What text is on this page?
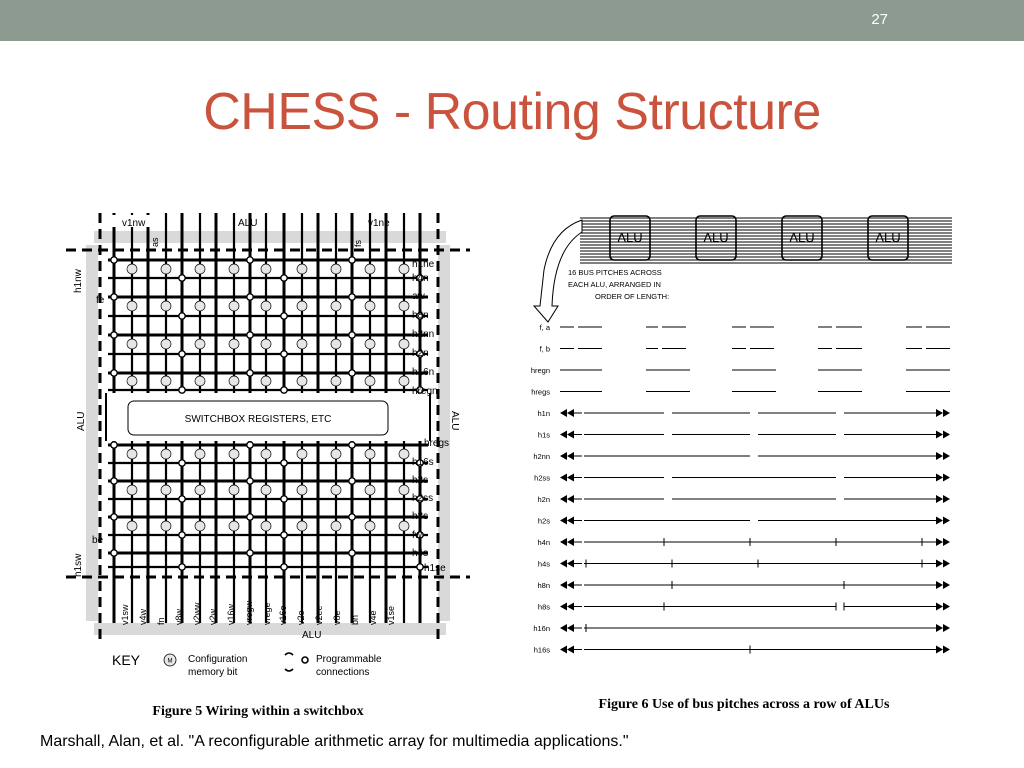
27
CHESS - Routing Structure
SWITCHBOX REGISTERS, ETC
v1nw	ALU	v1ne
as	fs
h1nw
fe
ALU
be
h1sw
h1ne
h4n
aw
h8n
h2nn
h2n
h16n
hregn
hregs
h16s
h2s
h2ss
h8s
fw
h4s
h1se
ALU
v1sw v4w fn v8w v2ww v2w v16w vregw vrege v16e v2e v2ee v8e bn v4e v1se
ALU
KEY	M Configuration
memory bit
Programmable
connections
Figure 5 Wiring within a switchbox
ALU	ALU	ALU	ALU
16 BUS PITCHES ACROSS
EACH ALU, ARRANGED IN
ORDER OF LENGTH:
f, a
f, b
hregn
hregs
h1n
h1s
h2nn
h2ss
h2n
h2s
h4n
h4s
h8n
h8s
h16n
h16s
Figure 6 Use of bus pitches across a row of ALUs
Marshall, Alan, et al. "A reconfigurable arithmetic array for multimedia applications."
